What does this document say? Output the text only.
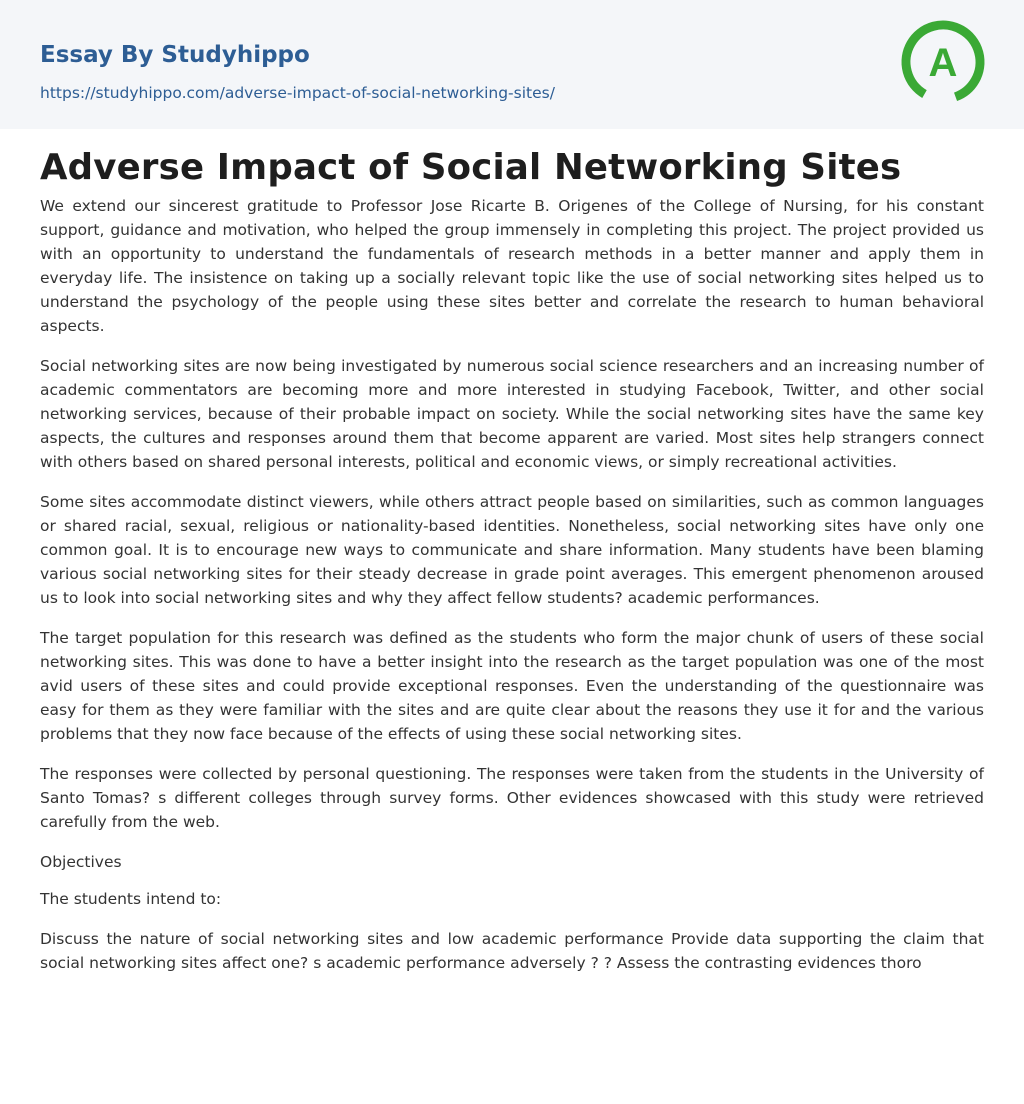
Essay By Studyhippo
https://studyhippo.com/adverse-impact-of-social-networking-sites/
A
Adverse Impact of Social Networking Sites

We extend our sincerest gratitude to Professor Jose Ricarte B. Origenes of the College of Nursing, for his constant support, guidance and motivation, who helped the group immensely in completing this project. The project provided us with an opportunity to understand the fundamentals of research methods in a better manner and apply them in everyday life. The insistence on taking up a socially relevant topic like the use of social networking sites helped us to understand the psychology of the people using these sites better and correlate the research to human behavioral aspects.

Social networking sites are now being investigated by numerous social science researchers and an increasing number of academic commentators are becoming more and more interested in studying Facebook, Twitter, and other social networking services, because of their probable impact on society. While the social networking sites have the same key aspects, the cultures and responses around them that become apparent are varied. Most sites help strangers connect with others based on shared personal interests, political and economic views, or simply recreational activities.

Some sites accommodate distinct viewers, while others attract people based on similarities, such as common languages or shared racial, sexual, religious or nationality-based identities. Nonetheless, social networking sites have only one common goal. It is to encourage new ways to communicate and share information. Many students have been blaming various social networking sites for their steady decrease in grade point averages. This emergent phenomenon aroused us to look into social networking sites and why they affect fellow students? academic performances.

The target population for this research was defined as the students who form the major chunk of users of these social networking sites. This was done to have a better insight into the research as the target population was one of the most avid users of these sites and could provide exceptional responses. Even the understanding of the questionnaire was easy for them as they were familiar with the sites and are quite clear about the reasons they use it for and the various problems that they now face because of the effects of using these social networking sites.

The responses were collected by personal questioning. The responses were taken from the students in the University of Santo Tomas? s different colleges through survey forms. Other evidences showcased with this study were retrieved carefully from the web.

Objectives

The students intend to:

Discuss the nature of social networking sites and low academic performance Provide data supporting the claim that social networking sites affect one? s academic performance adversely ? ? Assess the contrasting evidences thoro
